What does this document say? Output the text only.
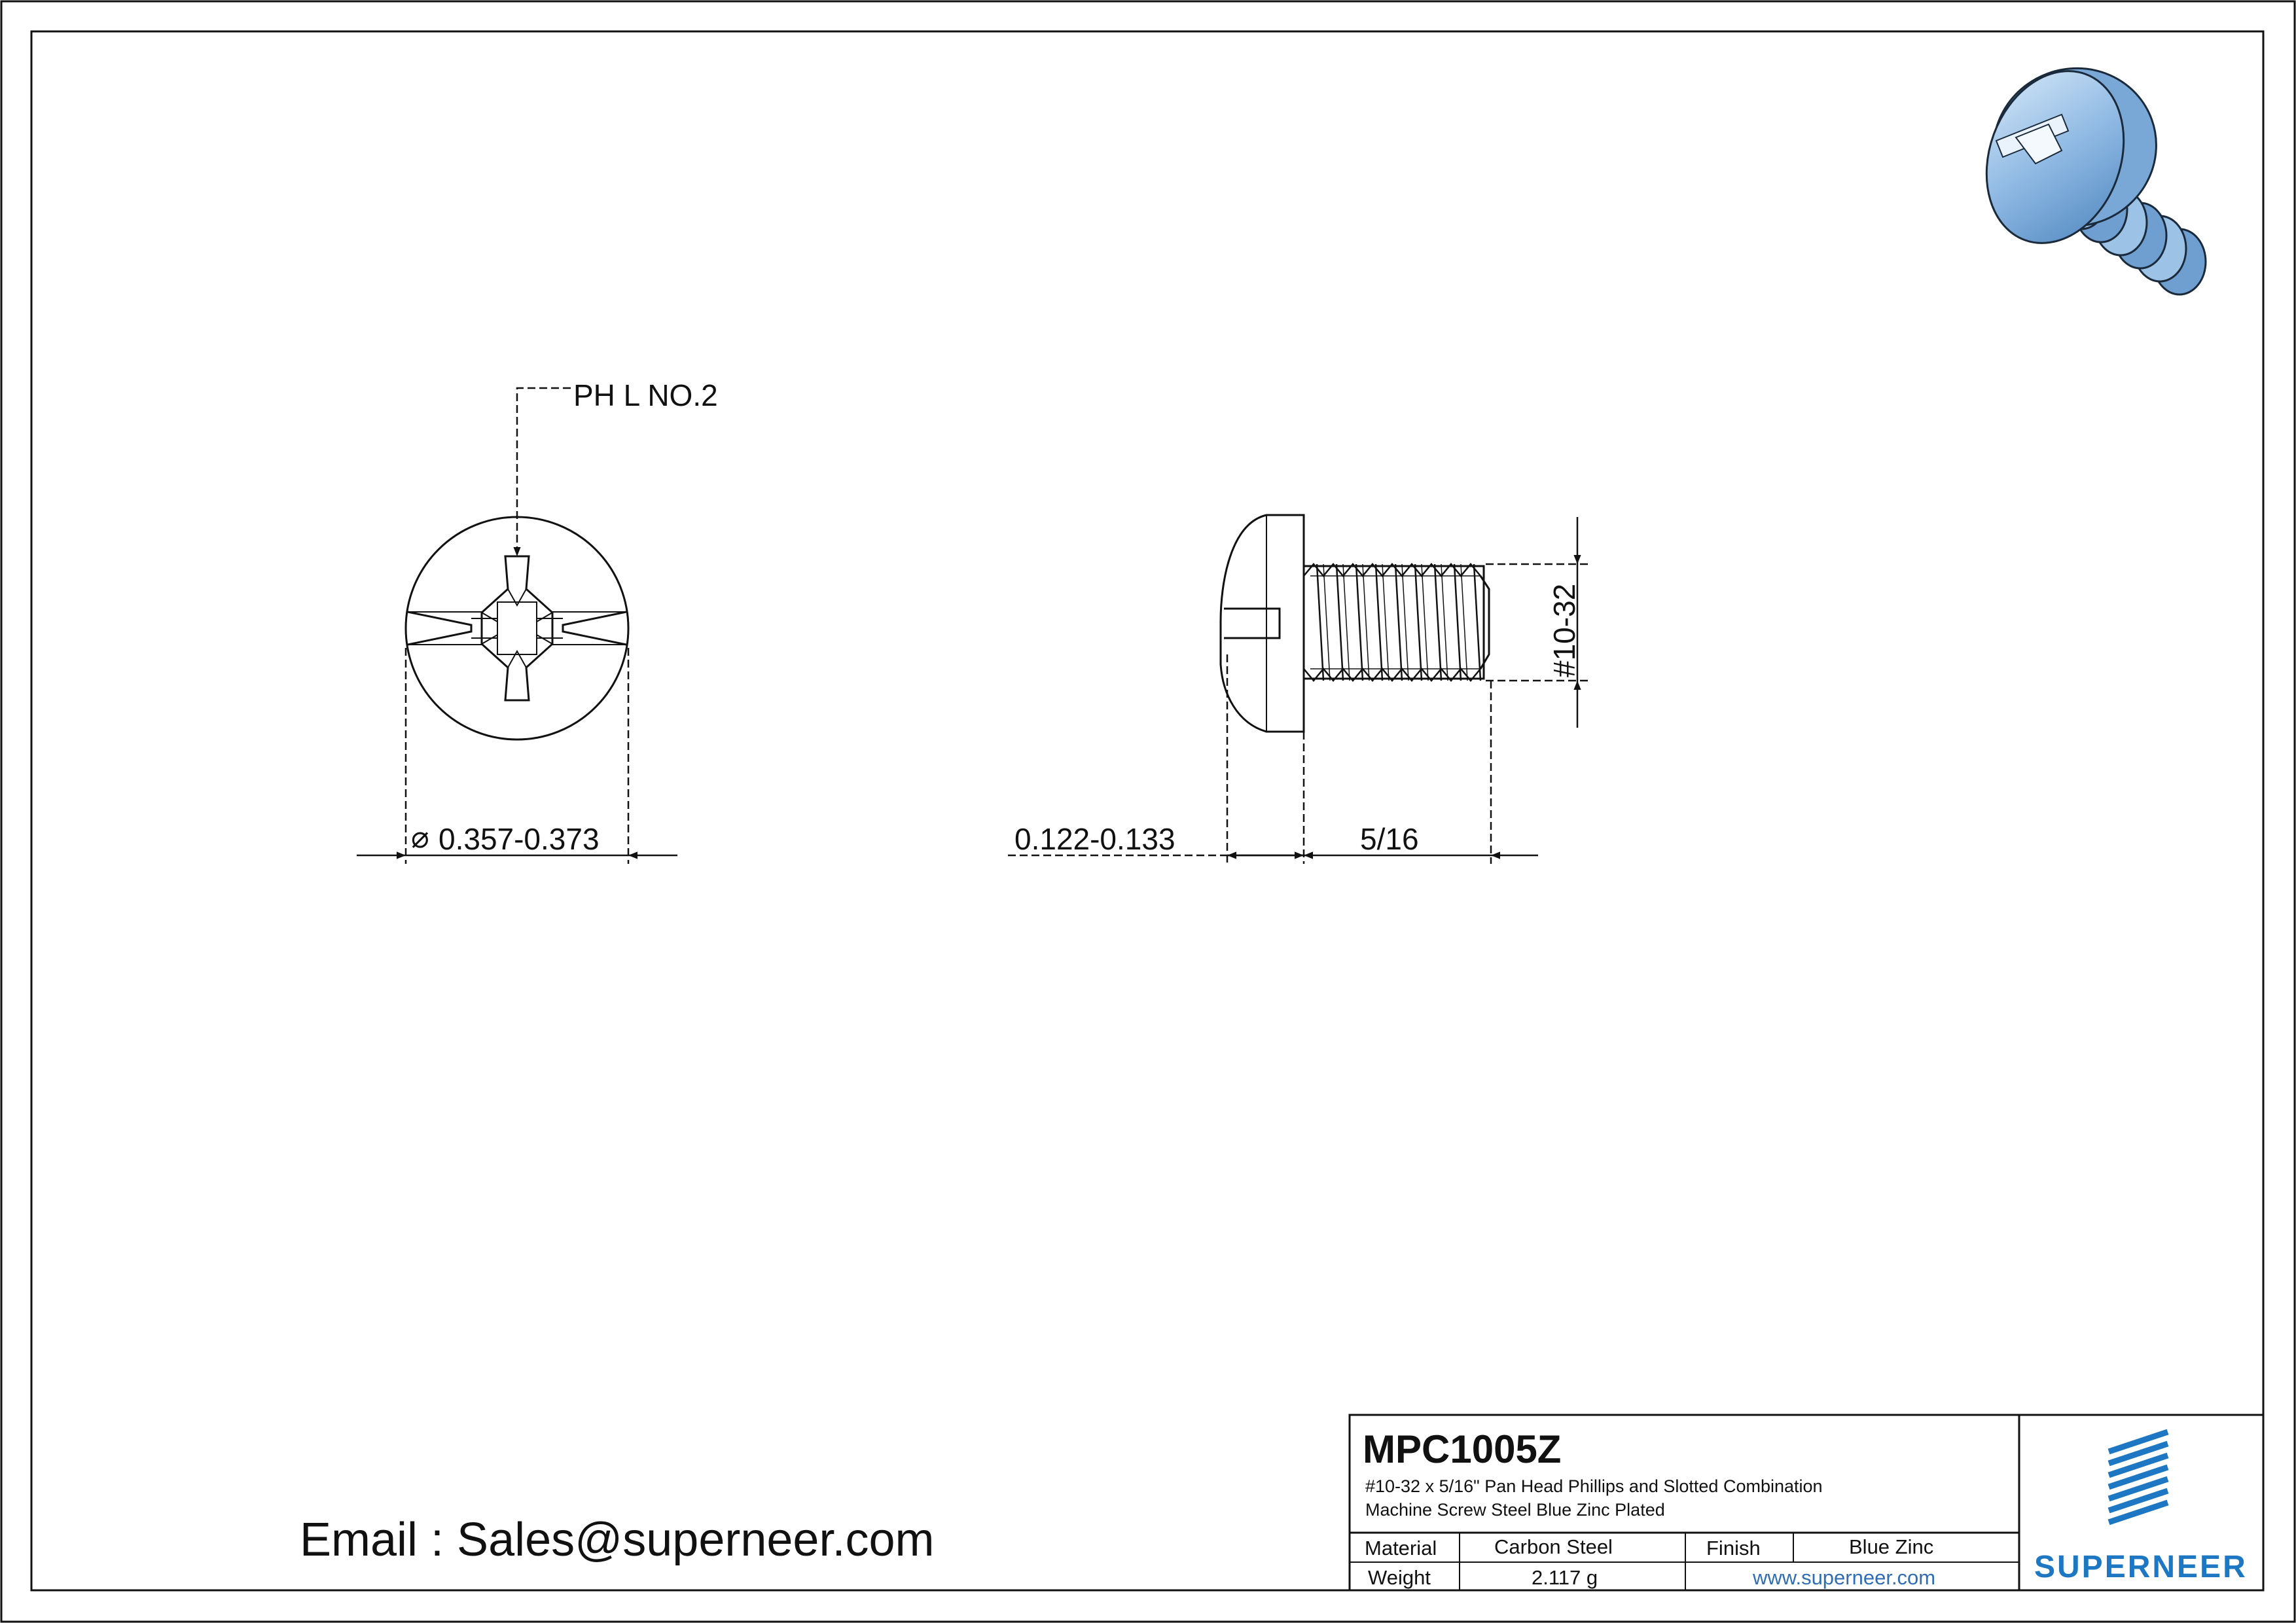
PH L NO.2
⌀ 0.357-0.373
#10-32
0.122-0.133	5/16
MPC1005Z
#10-32 x 5/16" Pan Head Phillips and Slotted Combination
Machine Screw Steel Blue Zinc Plated
Material	Carbon Steel	Finish	Blue Zinc
Weight	2.117 g	www.superneer.com	SUPERNEER
Email : Sales@superneer.com
